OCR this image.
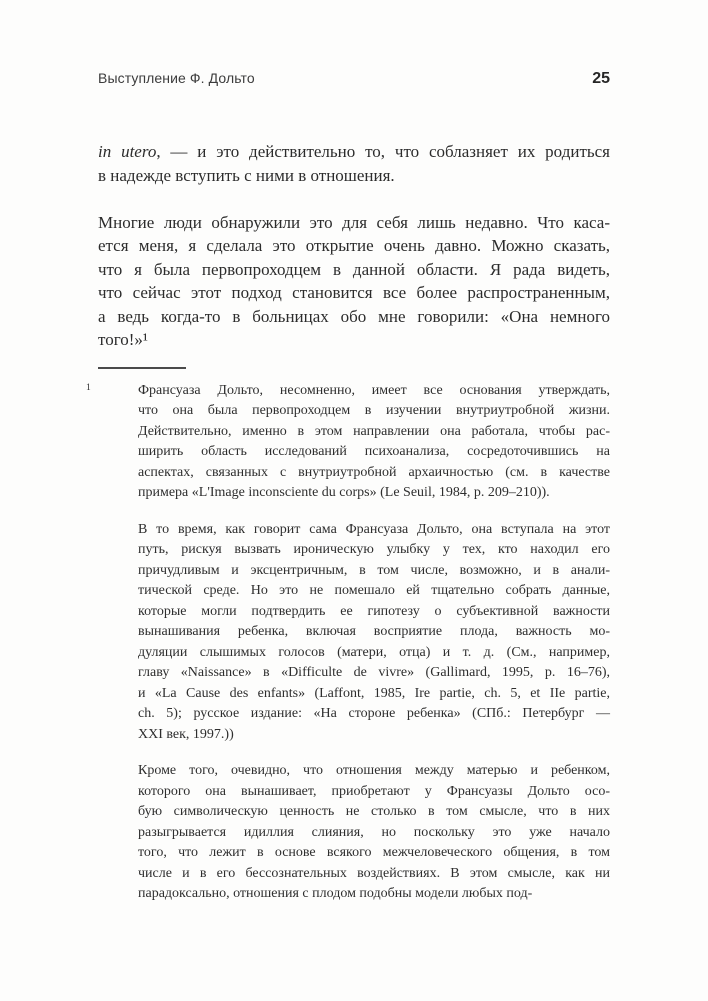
Выступление Ф. Дольто	25
in utero, — и это действительно то, что соблазняет их родиться
в надежде вступить с ними в отношения.
Многие люди обнаружили это для себя лишь недавно. Что каса-
ется меня, я сделала это открытие очень давно. Можно сказать,
что я была первопроходцем в данной области. Я рада видеть,
что сейчас этот подход становится все более распространенным,
а ведь когда-то в больницах обо мне говорили: «Она немного
того!»¹
1	Франсуаза Дольто, несомненно, имеет все основания утверждать,
что она была первопроходцем в изучении внутриутробной жизни.
Действительно, именно в этом направлении она работала, чтобы рас-
ширить область исследований психоанализа, сосредоточившись на
аспектах, связанных с внутриутробной архаичностью (см. в качестве
примера «L'Image inconsciente du corps» (Le Seuil, 1984, p. 209–210)).
В то время, как говорит сама Франсуаза Дольто, она вступала на этот
путь, рискуя вызвать ироническую улыбку у тех, кто находил его
причудливым и эксцентричным, в том числе, возможно, и в анали-
тической среде. Но это не помешало ей тщательно собрать данные,
которые могли подтвердить ее гипотезу о субъективной важности
вынашивания ребенка, включая восприятие плода, важность мо-
дуляции слышимых голосов (матери, отца) и т. д. (См., например,
главу «Naissance» в «Difficulte de vivre» (Gallimard, 1995, p. 16–76),
и «La Cause des enfants» (Laffont, 1985, Ire partie, ch. 5, et IIe partie,
ch. 5); русское издание: «На стороне ребенка» (СПб.: Петербург —
XXI век, 1997.))
Кроме того, очевидно, что отношения между матерью и ребенком,
которого она вынашивает, приобретают у Франсуазы Дольто осо-
бую символическую ценность не столько в том смысле, что в них
разыгрывается идиллия слияния, но поскольку это уже начало
того, что лежит в основе всякого межчеловеческого общения, в том
числе и в его бессознательных воздействиях. В этом смысле, как ни
парадоксально, отношения с плодом подобны модели любых под-
